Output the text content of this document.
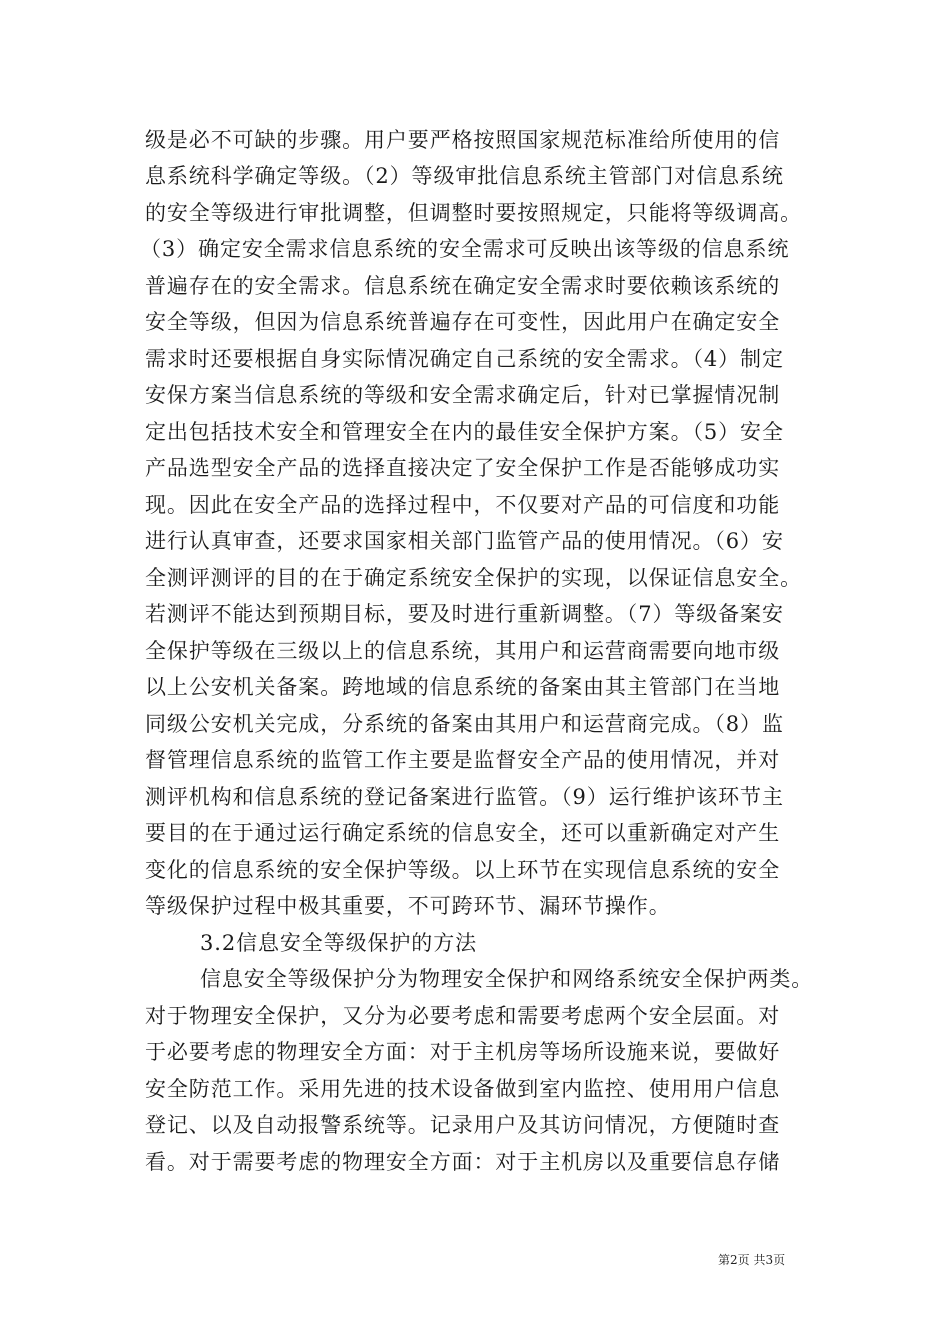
级是必不可缺的步骤。用户要严格按照国家规范标准给所使用的信
息系统科学确定等级。（2）等级审批信息系统主管部门对信息系统
的安全等级进行审批调整，但调整时要按照规定，只能将等级调高。
（3）确定安全需求信息系统的安全需求可反映出该等级的信息系统
普遍存在的安全需求。信息系统在确定安全需求时要依赖该系统的
安全等级，但因为信息系统普遍存在可变性，因此用户在确定安全
需求时还要根据自身实际情况确定自己系统的安全需求。（4）制定
安保方案当信息系统的等级和安全需求确定后，针对已掌握情况制
定出包括技术安全和管理安全在内的最佳安全保护方案。（5）安全
产品选型安全产品的选择直接决定了安全保护工作是否能够成功实
现。因此在安全产品的选择过程中，不仅要对产品的可信度和功能
进行认真审查，还要求国家相关部门监管产品的使用情况。（6）安
全测评测评的目的在于确定系统安全保护的实现，以保证信息安全。
若测评不能达到预期目标，要及时进行重新调整。（7）等级备案安
全保护等级在三级以上的信息系统，其用户和运营商需要向地市级
以上公安机关备案。跨地域的信息系统的备案由其主管部门在当地
同级公安机关完成，分系统的备案由其用户和运营商完成。（8）监
督管理信息系统的监管工作主要是监督安全产品的使用情况，并对
测评机构和信息系统的登记备案进行监管。（9）运行维护该环节主
要目的在于通过运行确定系统的信息安全，还可以重新确定对产生
变化的信息系统的安全保护等级。以上环节在实现信息系统的安全
等级保护过程中极其重要，不可跨环节、漏环节操作。
3.2信息安全等级保护的方法
信息安全等级保护分为物理安全保护和网络系统安全保护两类。
对于物理安全保护，又分为必要考虑和需要考虑两个安全层面。对
于必要考虑的物理安全方面：对于主机房等场所设施来说，要做好
安全防范工作。采用先进的技术设备做到室内监控、使用用户信息
登记、以及自动报警系统等。记录用户及其访问情况，方便随时查
看。对于需要考虑的物理安全方面：对于主机房以及重要信息存储
第2页 共3页
